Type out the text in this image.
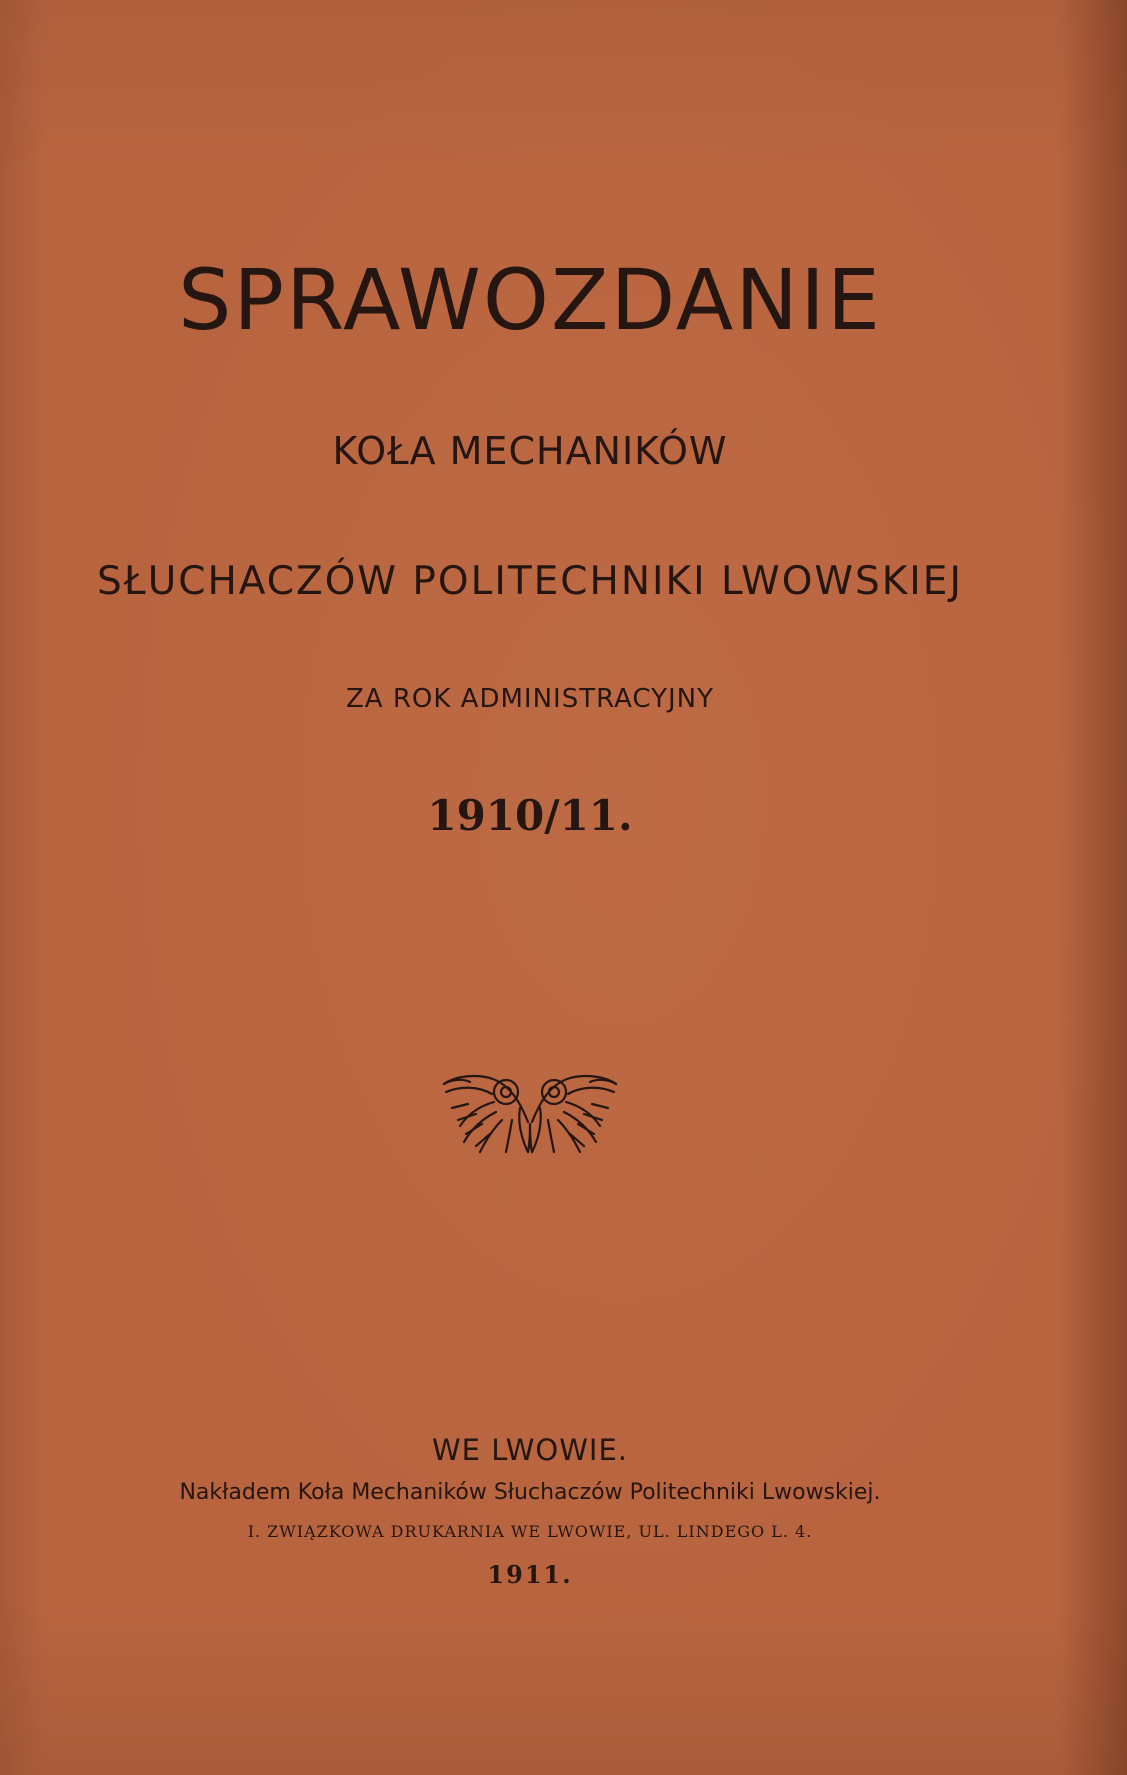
SPRAWOZDANIE
KOŁA MECHANIKÓW
SŁUCHACZÓW POLITECHNIKI LWOWSKIEJ
ZA ROK ADMINISTRACYJNY
1910/11.
WE LWOWIE.
Nakładem Koła Mechaników Słuchaczów Politechniki Lwowskiej.
I. ZWIĄZKOWA DRUKARNIA WE LWOWIE, UL. LINDEGO L. 4.
1911.
